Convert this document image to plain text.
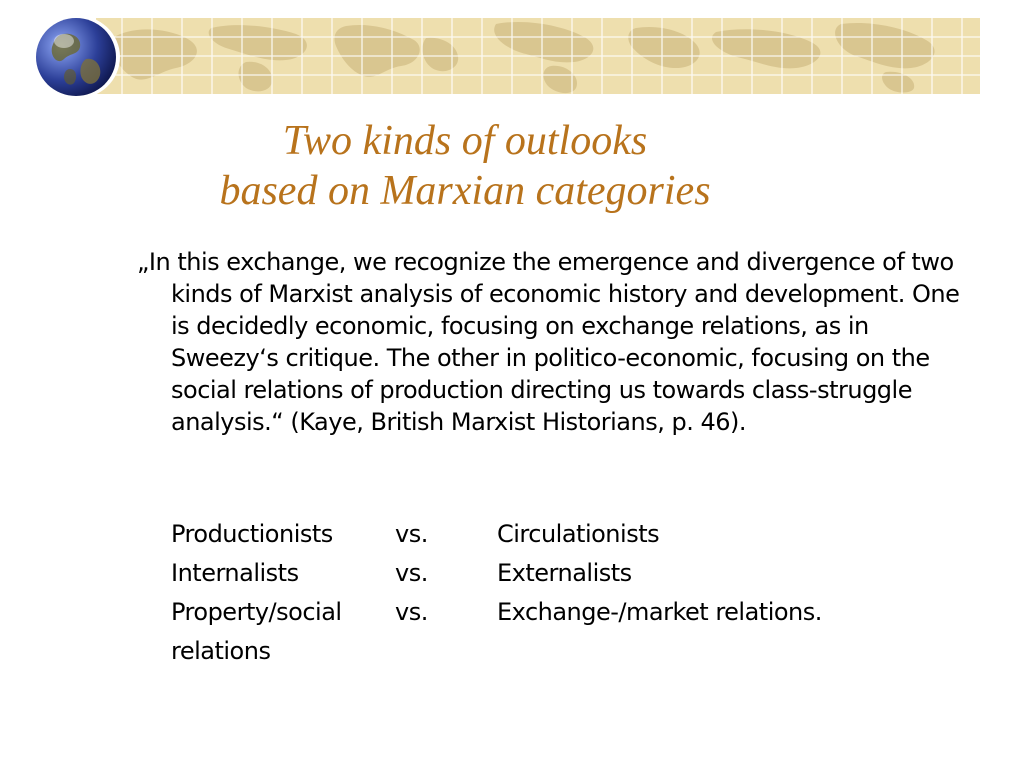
Two kinds of outlooks
based on Marxian categories
„In this exchange, we recognize the emergence and divergence of two kinds of Marxist analysis of economic history and development. One is decidedly economic, focusing on exchange relations, as in Sweezy‘s critique. The other in politico-economic, focusing on the social relations of production directing us towards class-struggle analysis.“ (Kaye, British Marxist Historians, p. 46).
Productionists	vs.	Circulationists
Internalists	vs.	Externalists
Property/social	vs.	Exchange-/market relations.
relations
